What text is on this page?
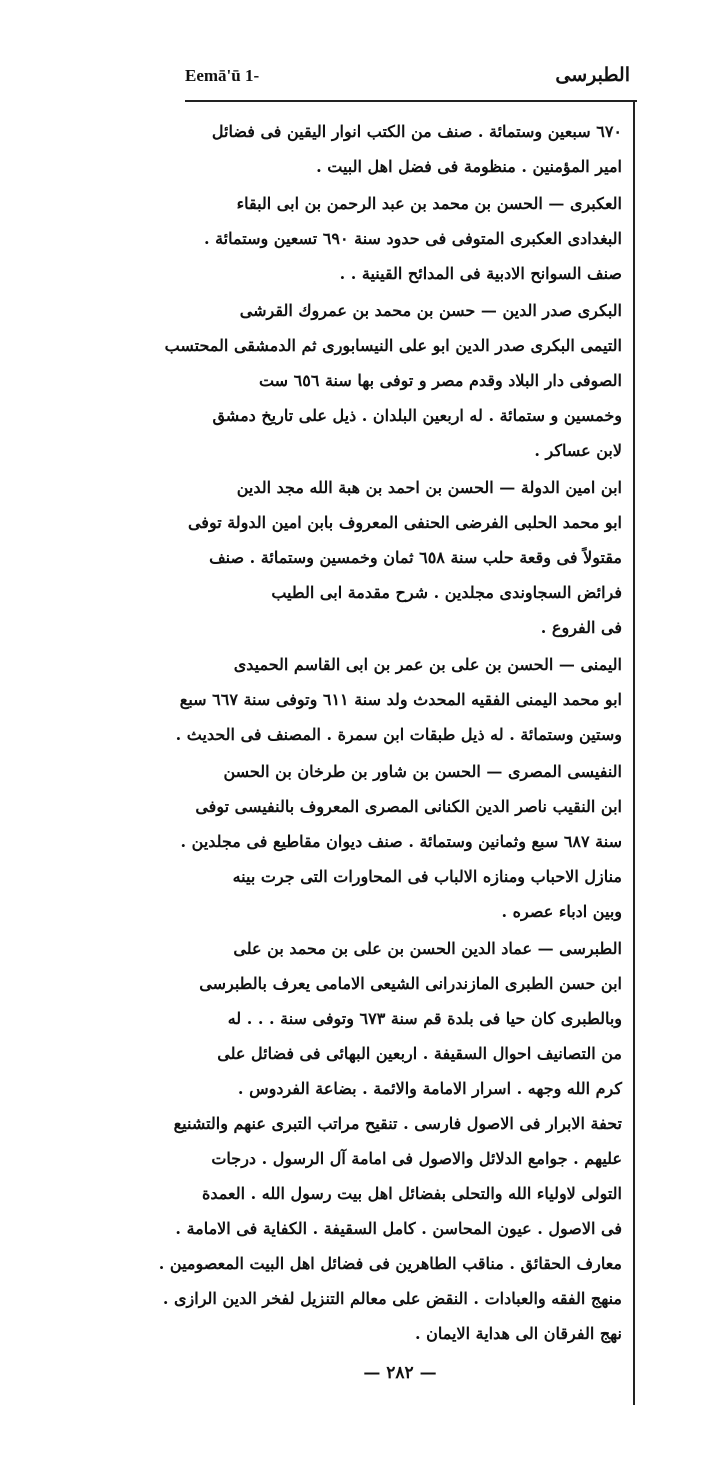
Eemā'ū 1-	الطبرسى
٦٧٠ سبعين وستمائة . صنف من الكتب انوار اليقين فى فضائل
امير المؤمنين . منظومة فى فضل اهل البيت .
العكبرى — الحسن بن محمد بن عبد الرحمن بن ابى البقاء
البغدادى العكبرى المتوفى فى حدود سنة ٦٩٠ تسعين وستمائة .
صنف السوانح الادبية فى المدائح القينية . .
البكرى صدر الدين — حسن بن محمد بن عمروك القرشى
التيمى البكرى صدر الدين ابو على النيسابورى ثم الدمشقى المحتسب
الصوفى دار البلاد وقدم مصر و توفى بها سنة ٦٥٦ ست
وخمسين و ستمائة . له اربعين البلدان . ذيل على تاريخ دمشق
لابن عساكر .
ابن امين الدولة — الحسن بن احمد بن هبة الله مجد الدين
ابو محمد الحلبى الفرضى الحنفى المعروف بابن امين الدولة توفى
مقتولاً فى وقعة حلب سنة ٦٥٨ ثمان وخمسين وستمائة . صنف
فرائض السجاوندى مجلدين . شرح مقدمة ابى الطيب
فى الفروع .
اليمنى — الحسن بن على بن عمر بن ابى القاسم الحميدى
ابو محمد اليمنى الفقيه المحدث ولد سنة ٦١١ وتوفى سنة ٦٦٧ سبع
وستين وستمائة . له ذيل طبقات ابن سمرة . المصنف فى الحديث .
النفيسى المصرى — الحسن بن شاور بن طرخان بن الحسن
ابن النقيب ناصر الدين الكنانى المصرى المعروف بالنفيسى توفى
سنة ٦٨٧ سبع وثمانين وستمائة . صنف ديوان مقاطيع فى مجلدين .
منازل الاحباب ومنازه الالباب فى المحاورات التى جرت بينه
وبين ادباء عصره .
الطبرسى — عماد الدين الحسن بن على بن محمد بن على
ابن حسن الطبرى المازندرانى الشيعى الامامى يعرف بالطبرسى
وبالطبرى كان حيا فى بلدة قم سنة ٦٧٣ وتوفى سنة . . . له
من التصانيف احوال السقيفة . اربعين البهائى فى فضائل على
كرم الله وجهه . اسرار الامامة والائمة . بضاعة الفردوس .
تحفة الابرار فى الاصول فارسى . تنقيح مراتب التبرى عنهم والتشنيع
عليهم . جوامع الدلائل والاصول فى امامة آل الرسول . درجات
التولى لاولياء الله والتحلى بفضائل اهل بيت رسول الله . العمدة
فى الاصول . عيون المحاسن . كامل السقيفة . الكفاية فى الامامة .
معارف الحقائق . مناقب الطاهرين فى فضائل اهل البيت المعصومين .
منهج الفقه والعبادات . النقض على معالم التنزيل لفخر الدين الرازى .
نهج الفرقان الى هداية الايمان .
— ٢٨٢ —
